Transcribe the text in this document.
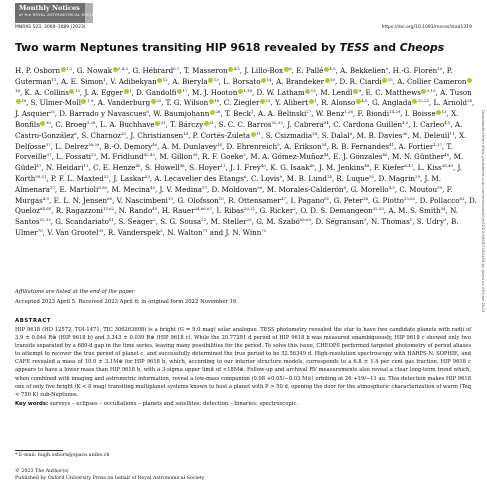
Monthly Notices
of the ROYAL ASTRONOMICAL SOCIETY
MNRAS 523, 3069–3089 (2023)	https://doi.org/10.1093/mnras/stad1319
Downloaded from https://academic.oup.com/mnras/article/523/2/3069/7150165 by guest on 09 June 2023
Two warm Neptunes transiting HIP 9618 revealed by TESS and Cheops
H. P. Osborn $^{1,2}$, G. Nowak $^{3,4,5}$, G. Hébrard$^{6,7}$, T. Masseron $^{4,5}$, J. Lillo-Box $^8$, E. Pallé $^{4,5}$, A. Bekkelien$^9$, H.-G. Florén$^{10}$, P. Guterman$^{11}$, A. E. Simon$^1$, V. Adibekyan $^{12}$, A. Bieryla $^{13}$, L. Borsato $^{14}$, A. Brandeker $^{10}$, D. R. Ciardi $^{15}$, A. Collier Cameron$^{16}$, K. A. Collins $^{13}$, J. A. Egger $^1$, D. Gandolfi $^{17}$, M. J. Hooton $^{1,18}$, D. W. Latham $^{13}$, M. Lendl $^9$, E. C. Matthews $^{9,19}$, A. Tuson$^{18}$, S. Ulmer-Moll $^{1,9}$, A. Vanderburg $^{20}$, T. G. Wilson $^{16}$, C. Ziegler $^{21}$, Y. Alibert $^1$, R. Alonso $^{4,5}$, G. Anglada $^{22,23}$, L. Arnold$^{24}$, J. Asquier$^{25}$, D. Barrado y Navascues$^8$, W. Baumjohann $^{26}$, T. Beck$^1$, A. A. Belinski$^{27}$, W. Benz$^{1,28}$, F. Biondi$^{14,29}$, I. Boisse $^{11}$, X. Bonfils $^{30}$, C. Broeg$^{1,28}$, L. A. Buchhave $^{31}$, T. Bárczy $^{31}$, S. C. C. Barros$^{32,33}$, J. Cabrera$^{34}$, C. Cardona Guillen$^{4,5}$, I. Carleo$^{4,5}$, A. Castro-González$^8$, S. Charnoz$^{35}$, J. Christiansen$^{14}$, P. Cortés-Zuleta $^{11}$, S. Csizmadia$^{34}$, S. Dalal$^6$, M. B. Davies$^{36}$, M. Deleuil$^{11}$, X. Delfosse$^{37}$, L. Delrez$^{38,39}$, B.-O. Demory$^{40}$, A. M. Dunlavey$^{14}$, D. Ehrenreich$^9$, A. Erikson$^{34}$, R. B. Fernandes$^{41}$, A. Fortier$^{1,27}$, T. Forveille$^{37}$, L. Fossati$^{25}$, M. Fridlund$^{42,43}$, M. Gillon$^{38}$, R. F. Goeke$^2$, M. A. Gómez-Muñoz$^{44}$, E. J. Gonzales$^{45}$, M. N. Günther$^{46}$, M. Güdel$^{47}$, N. Heidari$^{11}$, C. E. Henze$^{48}$, S. Howell$^{48}$, S. Hoyer$^{11}$, J. I. Frey$^{40}$, K. G. Isaak$^{49}$, J. M. Jenkins$^{48}$, F. Kiefer$^{6,47}$, L. Kiss$^{38,49}$, J. Korth$^{50,51}$, P. F. L. Maxted$^{52}$, J. Laskar$^{53}$, A. Lecavelier des Etangs$^6$, C. Lovis$^9$, M. B. Lund$^{14}$, R. Luque$^{55}$, D. Magrin$^{29}$, J. M. Almenara$^{37}$, E. Martioli$^{6,56}$, M. Mecina$^{45}$, J. V. Medina$^{57}$, D. Moldovan$^{58}$, M. Morales-Calderón$^8$, G. Morello$^{4,5}$, C. Moutou$^{59}$, F. Murgas$^{4,5}$, E. L. N. Jensen$^{60}$, V. Nascimbeni$^{13}$, G. Olofsson$^{10}$, R. Ottensamer$^{47}$, I. Pagano$^{61}$, G. Peter$^{34}$, G. Piotto$^{13,62}$, D. Pollacco$^{63}$, D. Queloz$^{64,65}$, R. Ragazzoni$^{13,62}$, N. Rando$^{45}$, H. Rauer$^{34,66,67}$, I. Ribas$^{20,21}$, G. Ricker$^2$, O. D. S. Demangeon$^{32,33}$, A. M. S. Smith$^{34}$, N. Santos$^{32,33}$, G. Scandariato$^{61}$, S. Seager$^2$, S. G. Sousa$^{32}$, M. Steller$^{25}$, G. M. Szabó$^{68,69}$, D. Ségransan$^9$, N. Thomas$^1$, S. Udry$^9$, B. Ulmer$^{70}$, V. Van Grootel$^{39}$, R. Vanderspek$^2$, N. Walton$^{71}$ and J. N. Winn$^{72}$
Affiliations are listed at the end of the paper
Accepted 2023 April 5. Received 2023 April 6; in original form 2022 November 16
ABSTRACT

HIP 9618 (HD 12572, TOI-1471, TIC 306263608) is a bright (G = 9.0 mag) solar analogue. TESS photometry revealed the star to have two candidate planets with radii of 3.9 ± 0.044 R⊕ (HIP 9618 b) and 3.343 ± 0.039 R⊕ (HIP 9618 c). While the 20.77291 d period of HIP 9618 b was measured unambiguously, HIP 9618 c showed only two transits separated by a 680-d gap in the time series, leaving many possibilities for the period. To solve this issue, CHEOPS performed targeted photometry of period aliases to attempt to recover the true period of planet c, and successfully determined the true period to be 52.56349 d. High-resolution spectroscopy with HARPS-N, SOPHIE, and CAFE revealed a mass of 10.0 ± 3.1M⊕ for HIP 9618 b, which, according to our interior structure models, corresponds to a 6.8 ± 1.4 per cent gas fraction. HIP 9618 c appears to have a lower mass than HIP 9618 b, with a 3-sigma upper limit of <18M⊕. Follow-up and archival RV measurements also reveal a clear long-term trend which, when combined with imaging and astrometric information, reveal a low-mass companion (0.08 +0.05/−0.03 M⊙) orbiting at 26 +19/−11 au. This detection makes HIP 9618 one of only five bright (K < 8 mag) transiting multiplanet systems known to host a planet with P > 50 d, opening the door for the atmospheric characterization of warm (Teq < 750 K) sub-Neptunes.

Key words: surveys – eclipses – occultations – planets and satellites: detection – binaries: spectroscopic.
* E-mail: hugh.osborn@space.unibe.ch
© 2023 The Author(s)
Published by Oxford University Press on behalf of Royal Astronomical Society
